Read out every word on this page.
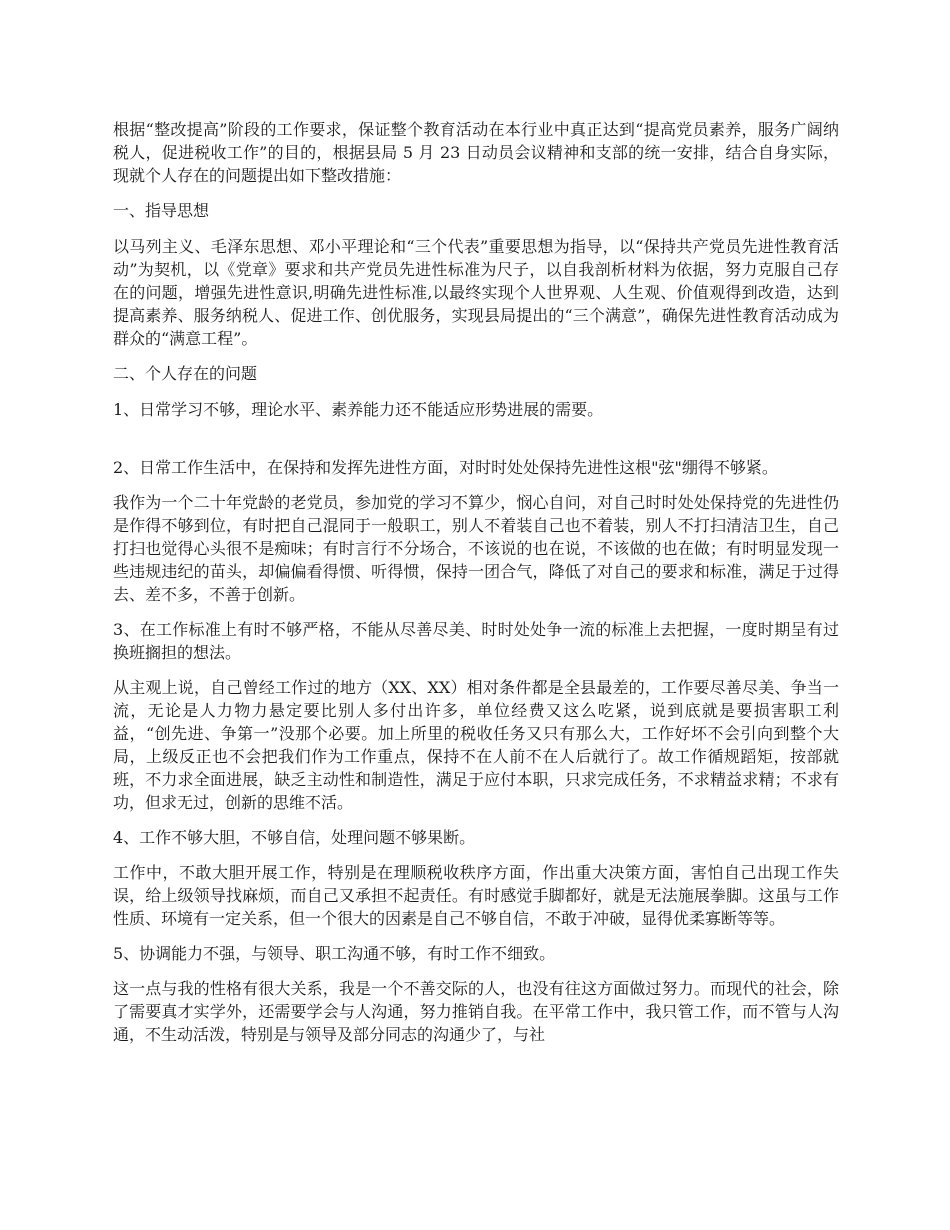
根据“整改提高”阶段的工作要求，保证整个教育活动在本行业中真正达到“提高党员素养，服务广阔纳税人，促进税收工作”的目的，根据县局 5 月 23 日动员会议精神和支部的统一安排，结合自身实际，现就个人存在的问题提出如下整改措施：

一、指导思想

以马列主义、毛泽东思想、邓小平理论和“三个代表”重要思想为指导，以“保持共产党员先进性教育活动”为契机，以《党章》要求和共产党员先进性标准为尺子，以自我剖析材料为依据，努力克服自己存在的问题，增强先进性意识,明确先进性标准,以最终实现个人世界观、人生观、价值观得到改造，达到提高素养、服务纳税人、促进工作、创优服务，实现县局提出的“三个满意”，确保先进性教育活动成为群众的“满意工程”。

二、个人存在的问题

1、日常学习不够，理论水平、素养能力还不能适应形势进展的需要。

2、日常工作生活中，在保持和发挥先进性方面，对时时处处保持先进性这根"弦"绷得不够紧。

我作为一个二十年党龄的老党员，参加党的学习不算少，悯心自问，对自己时时处处保持党的先进性仍是作得不够到位，有时把自己混同于一般职工，别人不着装自己也不着装，别人不打扫清洁卫生，自己打扫也觉得心头很不是痴味；有时言行不分场合，不该说的也在说，不该做的也在做；有时明显发现一些违规违纪的苗头，却偏偏看得惯、听得惯，保持一团合气，降低了对自己的要求和标准，满足于过得去、差不多，不善于创新。

3、在工作标准上有时不够严格，不能从尽善尽美、时时处处争一流的标准上去把握，一度时期呈有过换班搁担的想法。

从主观上说，自己曾经工作过的地方（XX、XX）相对条件都是全县最差的，工作要尽善尽美、争当一流，无论是人力物力悬定要比别人多付出许多，单位经费又这么吃紧，说到底就是要损害职工利益，“创先进、争第一”没那个必要。加上所里的税收任务又只有那么大，工作好坏不会引向到整个大局，上级反正也不会把我们作为工作重点，保持不在人前不在人后就行了。故工作循规蹈矩，按部就班，不力求全面进展，缺乏主动性和制造性，满足于应付本职，只求完成任务，不求精益求精；不求有功，但求无过，创新的思维不活。

4、工作不够大胆，不够自信，处理问题不够果断。

工作中，不敢大胆开展工作，特别是在理顺税收秩序方面，作出重大决策方面，害怕自己出现工作失误，给上级领导找麻烦，而自己又承担不起责任。有时感觉手脚都好，就是无法施展拳脚。这虽与工作性质、环境有一定关系，但一个很大的因素是自己不够自信，不敢于冲破，显得优柔寡断等等。

5、协调能力不强，与领导、职工沟通不够，有时工作不细致。

这一点与我的性格有很大关系，我是一个不善交际的人，也没有往这方面做过努力。而现代的社会，除了需要真才实学外，还需要学会与人沟通，努力推销自我。在平常工作中，我只管工作，而不管与人沟通，不生动活泼，特别是与领导及部分同志的沟通少了，与社
